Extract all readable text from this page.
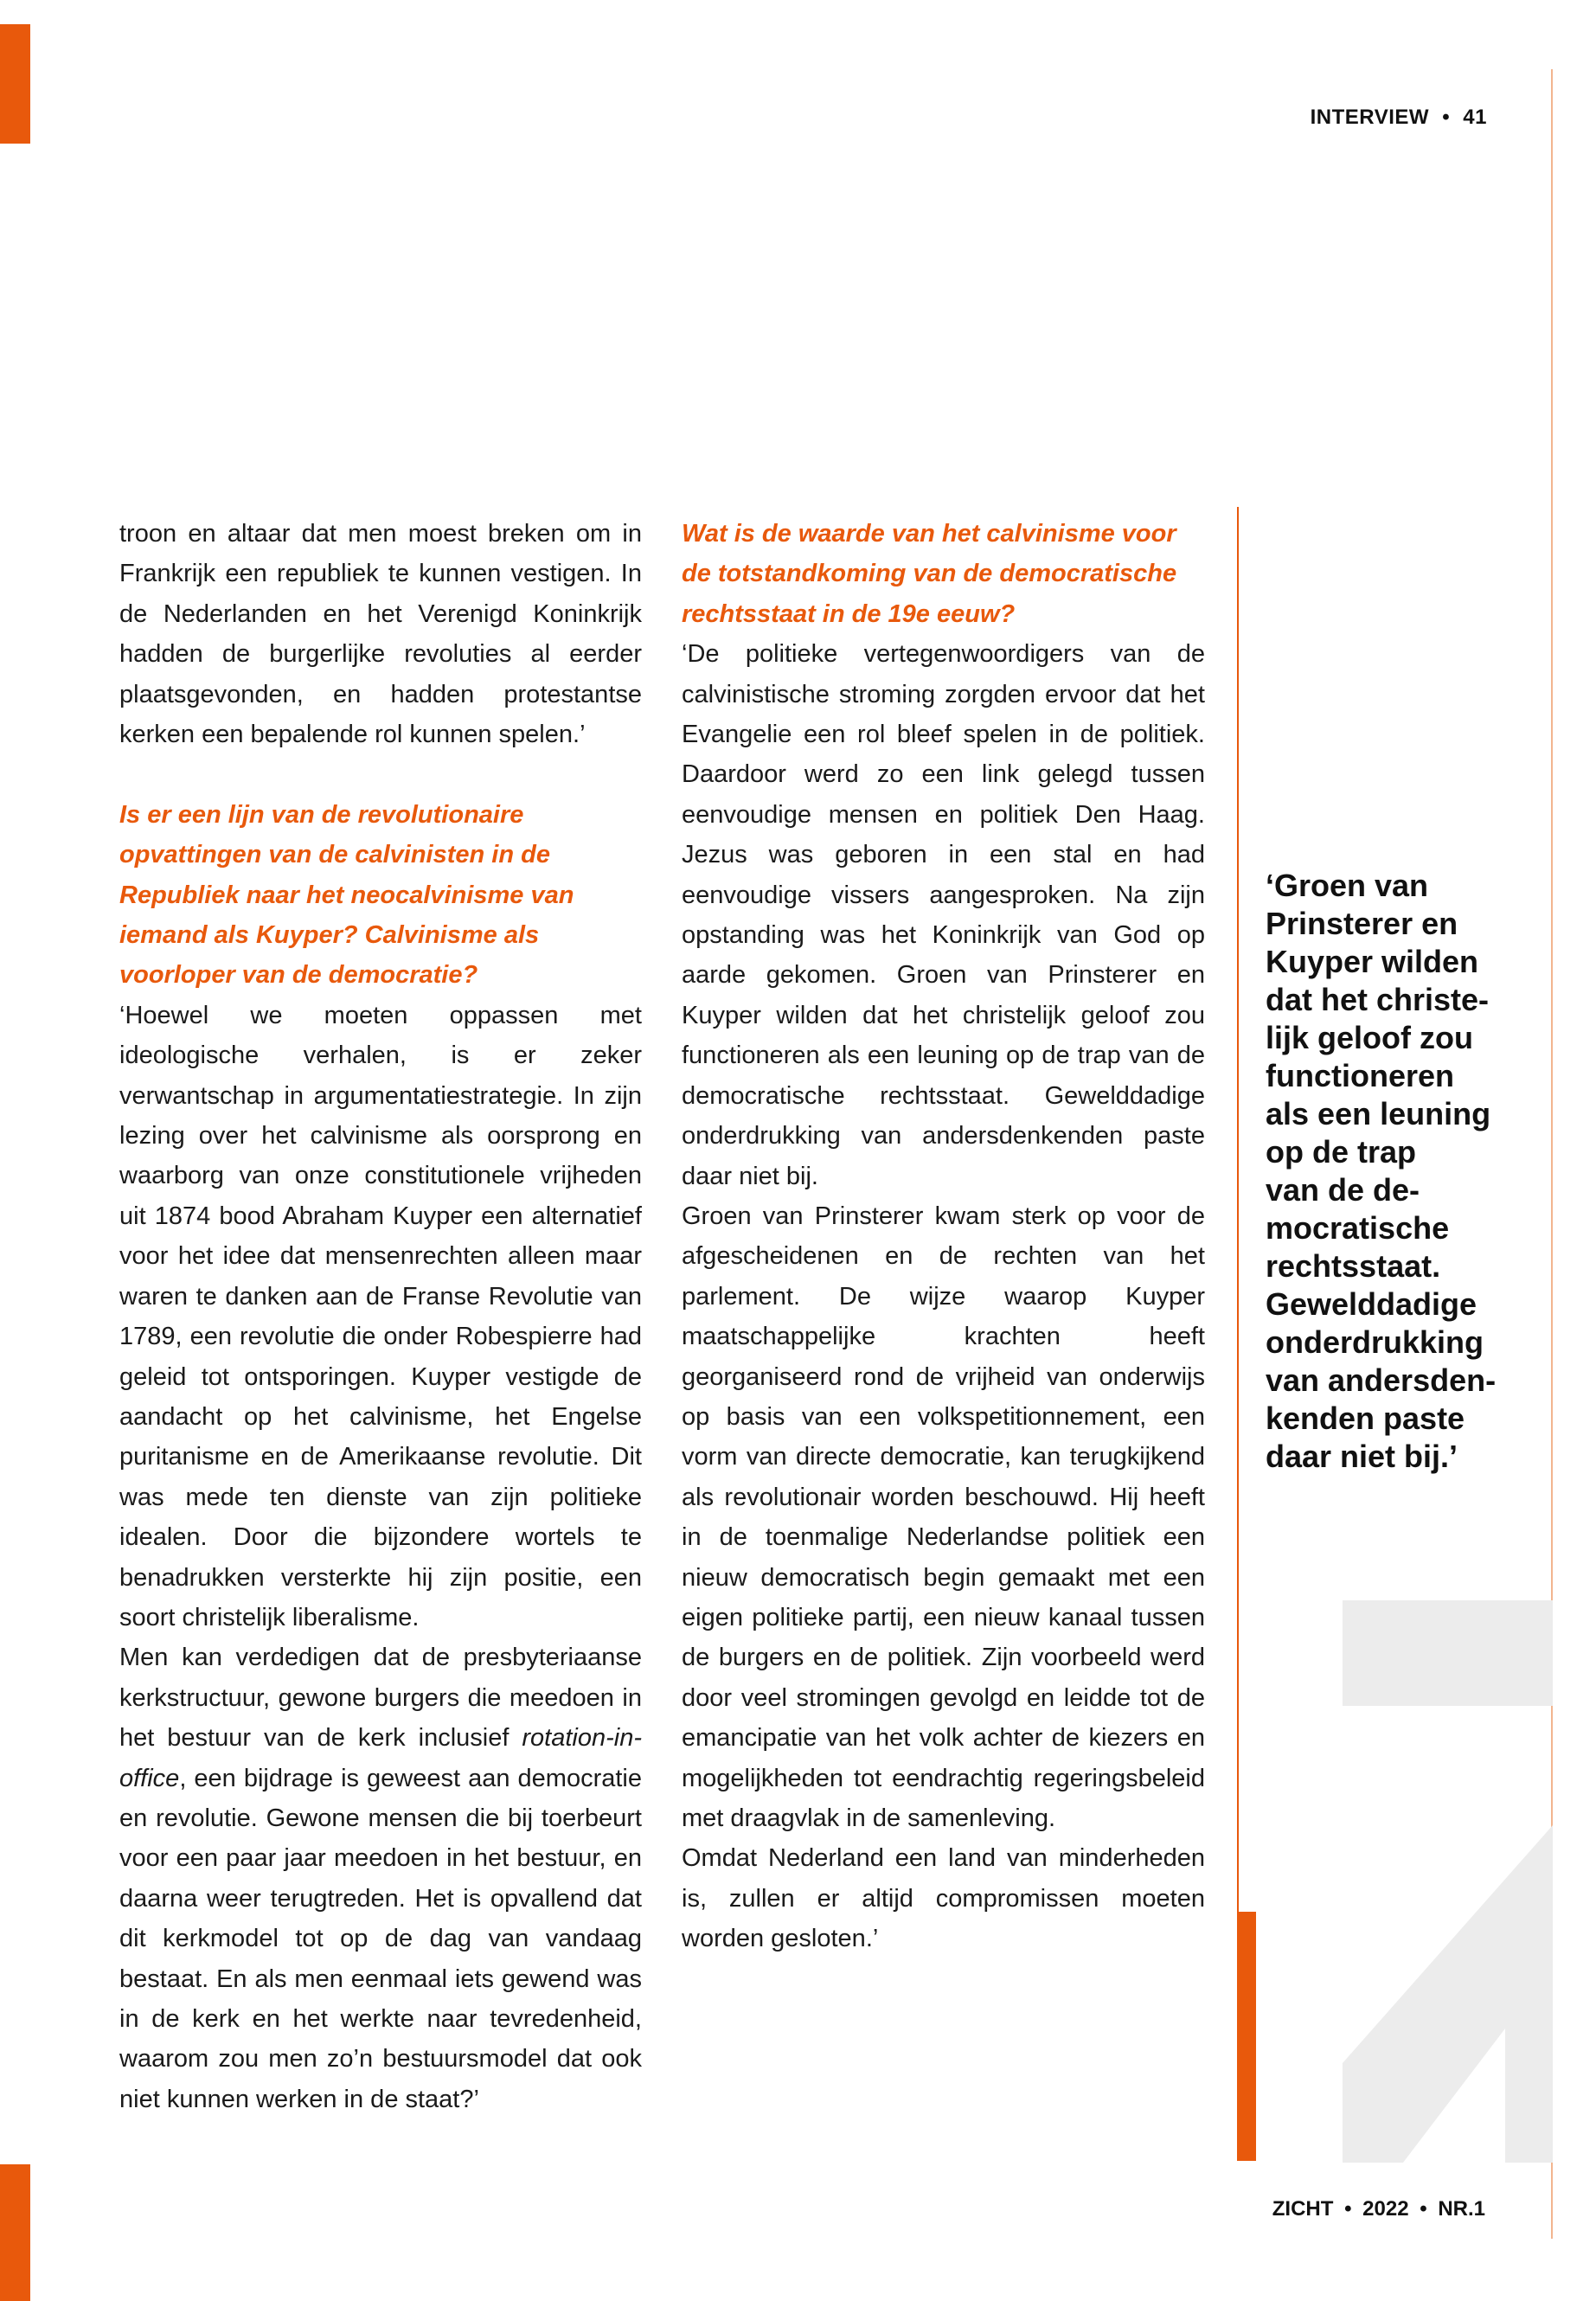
INTERVIEW • 41

troon en altaar dat men moest breken om in Frankrijk een republiek te kunnen vestigen. In de Nederlanden en het Verenigd Koninkrijk hadden de burgerlijke revoluties al eerder plaatsgevonden, en hadden protestantse kerken een bepalende rol kunnen spelen.’

Is er een lijn van de revolutionaire opvattingen van de calvinisten in de Republiek naar het neocalvinisme van iemand als Kuyper? Calvinisme als voorloper van de democratie?

‘Hoewel we moeten oppassen met ideologische verhalen, is er zeker verwantschap in argumentatiestrategie. In zijn lezing over het calvinisme als oorsprong en waarborg van onze constitutionele vrijheden uit 1874 bood Abraham Kuyper een alternatief voor het idee dat mensenrechten alleen maar waren te danken aan de Franse Revolutie van 1789, een revolutie die onder Robespierre had geleid tot ontsporingen. Kuyper vestigde de aandacht op het calvinisme, het Engelse puritanisme en de Amerikaanse revolutie. Dit was mede ten dienste van zijn politieke idealen. Door die bijzondere wortels te benadrukken versterkte hij zijn positie, een soort christelijk liberalisme.

Men kan verdedigen dat de presbyteriaanse kerkstructuur, gewone burgers die meedoen in het bestuur van de kerk inclusief rotation-in-office, een bijdrage is geweest aan democratie en revolutie. Gewone mensen die bij toerbeurt voor een paar jaar meedoen in het bestuur, en daarna weer terugtreden. Het is opvallend dat dit kerkmodel tot op de dag van vandaag bestaat. En als men eenmaal iets gewend was in de kerk en het werkte naar tevredenheid, waarom zou men zo’n bestuursmodel dat ook niet kunnen werken in de staat?’

Wat is de waarde van het calvinisme voor de totstandkoming van de democratische rechtsstaat in de 19e eeuw?

‘De politieke vertegenwoordigers van de calvinistische stroming zorgden ervoor dat het Evangelie een rol bleef spelen in de politiek. Daardoor werd zo een link gelegd tussen eenvoudige mensen en politiek Den Haag. Jezus was geboren in een stal en had eenvoudige vissers aangesproken. Na zijn opstanding was het Koninkrijk van God op aarde gekomen. Groen van Prinsterer en Kuyper wilden dat het christelijk geloof zou functioneren als een leuning op de trap van de democratische rechtsstaat. Gewelddadige onderdrukking van andersdenkenden paste daar niet bij.

Groen van Prinsterer kwam sterk op voor de afgescheidenen en de rechten van het parlement. De wijze waarop Kuyper maatschappelijke krachten heeft georganiseerd rond de vrijheid van onderwijs op basis van een volkspetitionnement, een vorm van directe democratie, kan terugkijkend als revolutionair worden beschouwd. Hij heeft in de toenmalige Nederlandse politiek een nieuw democratisch begin gemaakt met een eigen politieke partij, een nieuw kanaal tussen de burgers en de politiek. Zijn voorbeeld werd door veel stromingen gevolgd en leidde tot de emancipatie van het volk achter de kiezers en mogelijkheden tot eendrachtig regeringsbeleid met draagvlak in de samenleving.

Omdat Nederland een land van minderheden is, zullen er altijd compromissen moeten worden gesloten.’

‘Groen van
Prinsterer en
Kuyper wilden
dat het christe-
lijk geloof zou
functioneren
als een leuning
op de trap
van de de-
mocratische
rechtsstaat.
Gewelddadige
onderdrukking
van andersden-
kenden paste
daar niet bij.’
ZICHT • 2022 • NR.1
